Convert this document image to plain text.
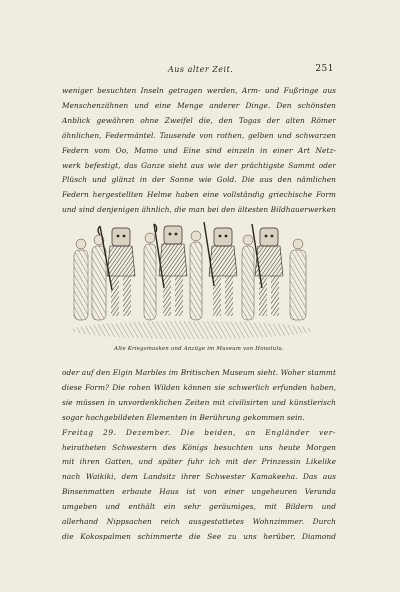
Aus alter Zeit.	251
weniger besuchten Inseln getragen werden, Arm- und Fußringe aus
Menschenzähnen und eine Menge anderer Dinge. Den schönsten
Anblick gewähren ohne Zweifel die, den Togas der alten Römer
ähnlichen, Federmäntel. Tausende von rothen, gelben und schwarzen
Federn vom Oo, Mamo und Eine sind einzeln in einer Art Netz-
werk befestigt, das Ganze sieht aus wie der prächtigste Sammt oder
Plüsch und glänzt in der Sonne wie Gold. Die aus den nämlichen
Federn hergestellten Helme haben eine vollständig griechische Form
und sind denjenigen ähnlich, die man bei den ältesten Bildhauerwerken
Alte Kriegsmasken und Anzüge im Museum von Honolulu.
oder auf den Elgin Marbles im Britischen Museum sieht. Woher stammt
diese Form? Die rohen Wilden können sie schwerlich erfunden haben,
sie müssen in unvordenklichen Zeiten mit civilisirten und künstlerisch
sogar hochgebildeten Elementen in Berührung gekommen sein.
Freitag 29. Dezember. Die beiden, an Engländer ver-
heiratheten Schwestern des Königs besuchten uns heute Morgen
mit ihren Gatten, und später fuhr ich mit der Prinzessin Likelike
nach Waikiki, dem Landsitz ihrer Schwester Kamakeeha. Das aus
Binsenmatten erbaute Haus ist von einer ungeheuren Veranda
umgeben und enthält ein sehr geräumiges, mit Bildern und
allerhand Nippsachen reich ausgestattetes Wohnzimmer. Durch
die Kokospalmen schimmerte die See zu uns herüber, Diamond
